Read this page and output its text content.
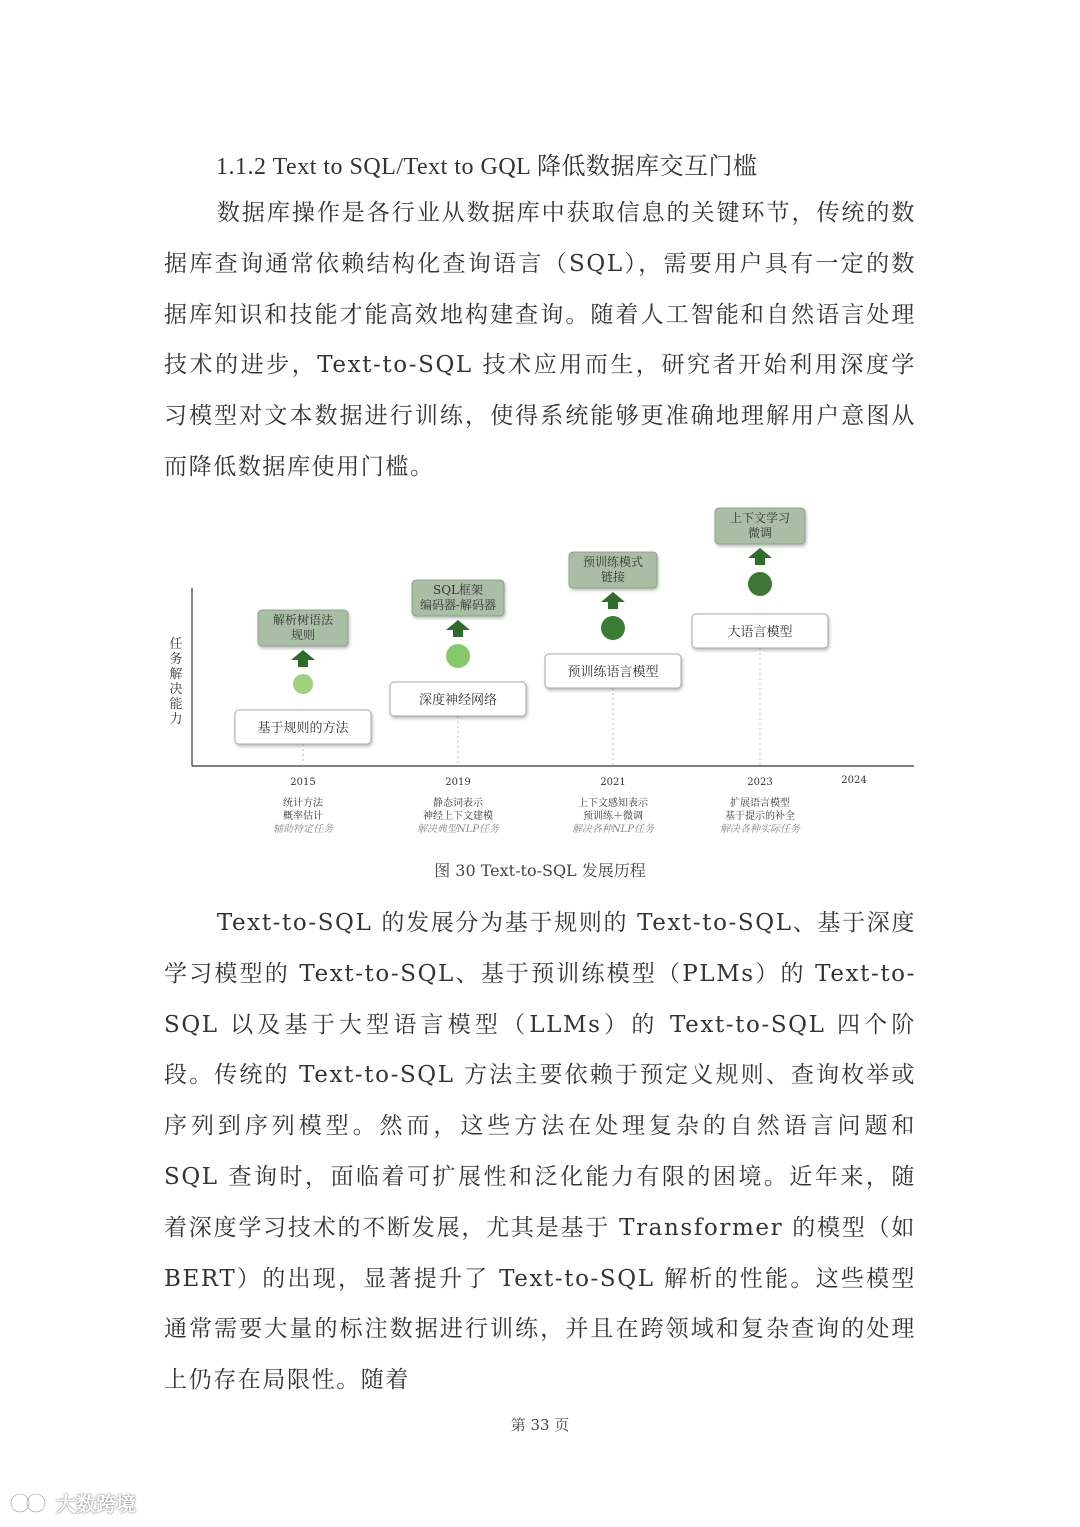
1.1.2 Text to SQL/Text to GQL 降低数据库交互门槛

数据库操作是各行业从数据库中获取信息的关键环节，传统的数据库查询通常依赖结构化查询语言（SQL），需要用户具有一定的数据库知识和技能才能高效地构建查询。随着人工智能和自然语言处理技术的进步，Text-to-SQL 技术应用而生，研究者开始利用深度学习模型对文本数据进行训练，使得系统能够更准确地理解用户意图从而降低数据库使用门槛。

任务解决能力
基于规则的方法
解析树语法
规则
2015
统计方法
概率估计
辅助特定任务
深度神经网络
SQL框架
编码器-解码器
2019
静态词表示
神经上下文建模
解决典型NLP任务
预训练语言模型
预训练模式
链接
2021
上下文感知表示
预训练＋微调
解决各种NLP任务
大语言模型
上下文学习
微调
2023
扩展语言模型
基于提示的补全
解决各种实际任务
2024
图 30 Text-to-SQL 发展历程

Text-to-SQL 的发展分为基于规则的 Text-to-SQL、基于深度学习模型的 Text-to-SQL、基于预训练模型（PLMs）的 Text-to-SQL 以及基于大型语言模型（LLMs）的 Text-to-SQL 四个阶段。传统的 Text-to-SQL 方法主要依赖于预定义规则、查询枚举或序列到序列模型。然而，这些方法在处理复杂的自然语言问题和 SQL 查询时，面临着可扩展性和泛化能力有限的困境。近年来，随着深度学习技术的不断发展，尤其是基于 Transformer 的模型（如 BERT）的出现，显著提升了 Text-to-SQL 解析的性能。这些模型通常需要大量的标注数据进行训练，并且在跨领域和复杂查询的处理上仍存在局限性。随着

第 33 页
大数跨境
